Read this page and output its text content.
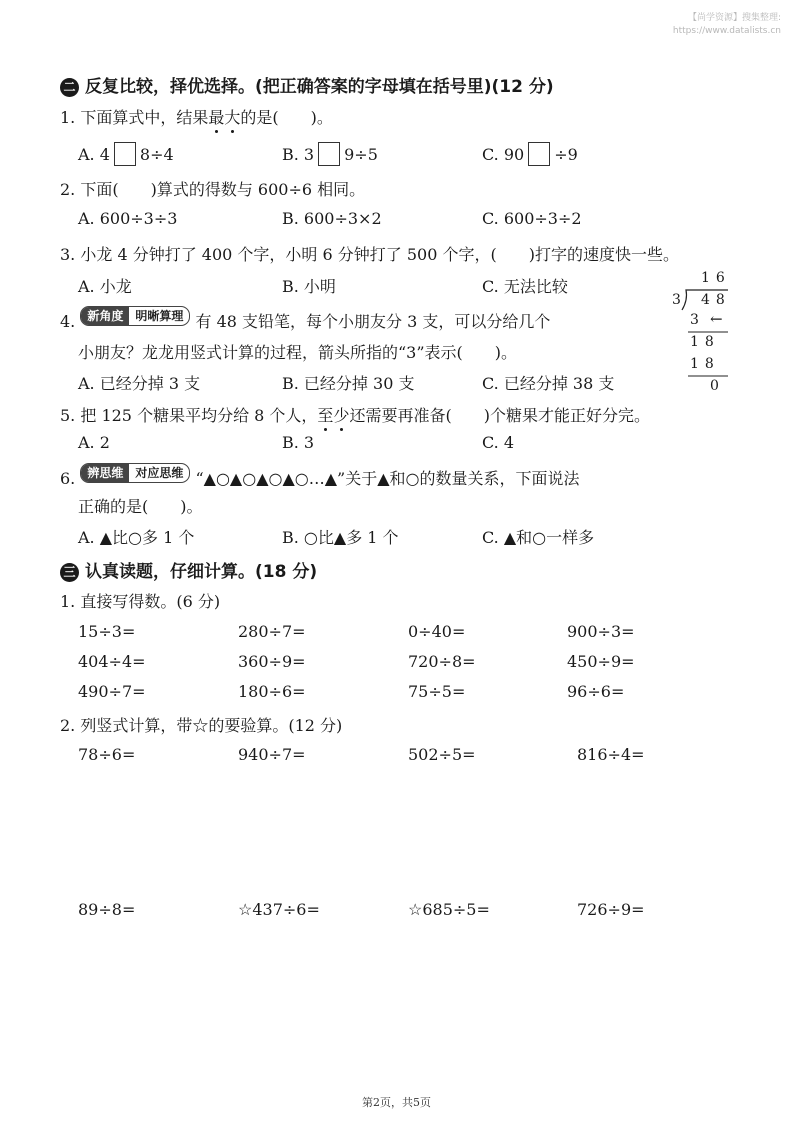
【尚学资源】搜集整理:
https://www.datalists.cn
二 反复比较，择优选择。(把正确答案的字母填在括号里)(12 分)
1. 下面算式中，结果最大的是(　　)。
A. 4 8÷4	B. 3 9÷5	C. 90 ÷9
2. 下面(　　)算式的得数与 600÷6 相同。
A. 600÷3÷3	B. 600÷3×2	C. 600÷3÷2
3. 小龙 4 分钟打了 400 个字，小明 6 分钟打了 500 个字，(　　)打字的速度快一些。
A. 小龙	B. 小明	C. 无法比较
4. 新角度 明晰算理 有 48 支铅笔，每个小朋友分 3 支，可以分给几个
小朋友？龙龙用竖式计算的过程，箭头所指的“3”表示(　　)。
A. 已经分掉 3 支	B. 已经分掉 30 支	C. 已经分掉 38 支
16
3 48
3 ←
18
18
0
5. 把 125 个糖果平均分给 8 个人，至少还需要再准备(　　)个糖果才能正好分完。
A. 2	B. 3	C. 4
6. 辨思维 对应思维 “▲○▲○▲○▲○…▲”关于▲和○的数量关系，下面说法
正确的是(　　)。
A. ▲比○多 1 个	B. ○比▲多 1 个	C. ▲和○一样多
三 认真读题，仔细计算。(18 分)
1. 直接写得数。(6 分)
15÷3=	280÷7=	0÷40=	900÷3=
404÷4=	360÷9=	720÷8=	450÷9=
490÷7=	180÷6=	75÷5=	96÷6=
2. 列竖式计算，带☆的要验算。(12 分)
78÷6=	940÷7=	502÷5=	816÷4=
89÷8=	☆437÷6=	☆685÷5=	726÷9=
第2页，共5页
